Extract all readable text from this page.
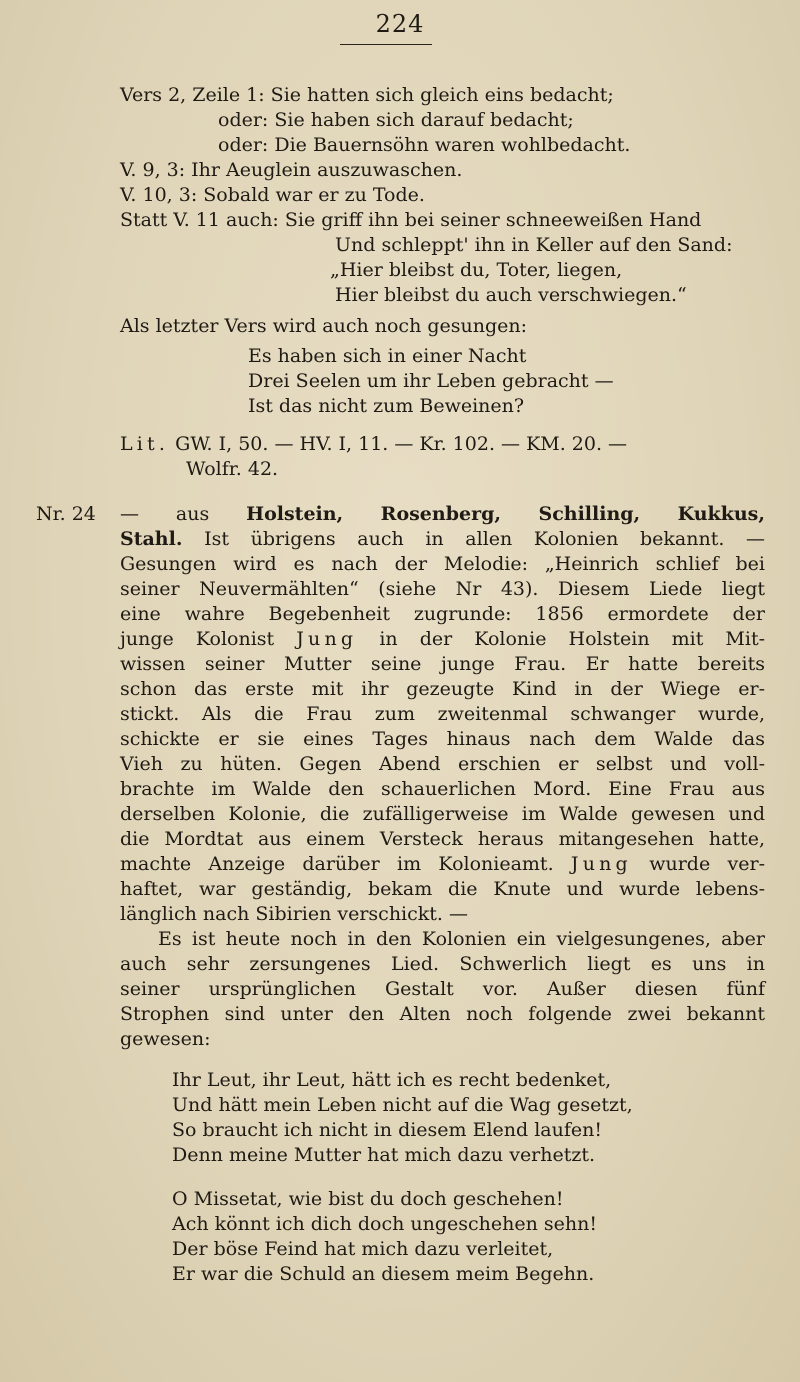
224
Vers 2, Zeile 1: Sie hatten sich gleich eins bedacht;
oder: Sie haben sich darauf bedacht;
oder: Die Bauernsöhn waren wohlbedacht.
V. 9, 3: Ihr Aeuglein auszuwaschen.
V. 10, 3: Sobald war er zu Tode.
Statt V. 11 auch: Sie griff ihn bei seiner schneeweißen Hand
Und schleppt' ihn in Keller auf den Sand:
„Hier bleibst du, Toter, liegen,
Hier bleibst du auch verschwiegen.“
Als letzter Vers wird auch noch gesungen:
Es haben sich in einer Nacht
Drei Seelen um ihr Leben gebracht —
Ist das nicht zum Beweinen?
Lit. GW. I, 50. — HV. I, 11. — Kr. 102. — KM. 20. —
Wolfr. 42.
Nr. 24 — aus Holstein, Rosenberg, Schilling, Kukkus,
Stahl. Ist übrigens auch in allen Kolonien bekannt. —
Gesungen wird es nach der Melodie: „Heinrich schlief bei
seiner Neuvermählten“ (siehe Nr 43). Diesem Liede liegt
eine wahre Begebenheit zugrunde: 1856 ermordete der
junge Kolonist Jung in der Kolonie Holstein mit Mit-
wissen seiner Mutter seine junge Frau. Er hatte bereits
schon das erste mit ihr gezeugte Kind in der Wiege er-
stickt. Als die Frau zum zweitenmal schwanger wurde,
schickte er sie eines Tages hinaus nach dem Walde das
Vieh zu hüten. Gegen Abend erschien er selbst und voll-
brachte im Walde den schauerlichen Mord. Eine Frau aus
derselben Kolonie, die zufälligerweise im Walde gewesen und
die Mordtat aus einem Versteck heraus mitangesehen hatte,
machte Anzeige darüber im Kolonieamt. Jung wurde ver-
haftet, war geständig, bekam die Knute und wurde lebens-
länglich nach Sibirien verschickt. —
Es ist heute noch in den Kolonien ein vielgesungenes, aber
auch sehr zersungenes Lied. Schwerlich liegt es uns in
seiner ursprünglichen Gestalt vor. Außer diesen fünf
Strophen sind unter den Alten noch folgende zwei bekannt
gewesen:
Ihr Leut, ihr Leut, hätt ich es recht bedenket,
Und hätt mein Leben nicht auf die Wag gesetzt,
So braucht ich nicht in diesem Elend laufen!
Denn meine Mutter hat mich dazu verhetzt.
O Missetat, wie bist du doch geschehen!
Ach könnt ich dich doch ungeschehen sehn!
Der böse Feind hat mich dazu verleitet,
Er war die Schuld an diesem meim Begehn.
